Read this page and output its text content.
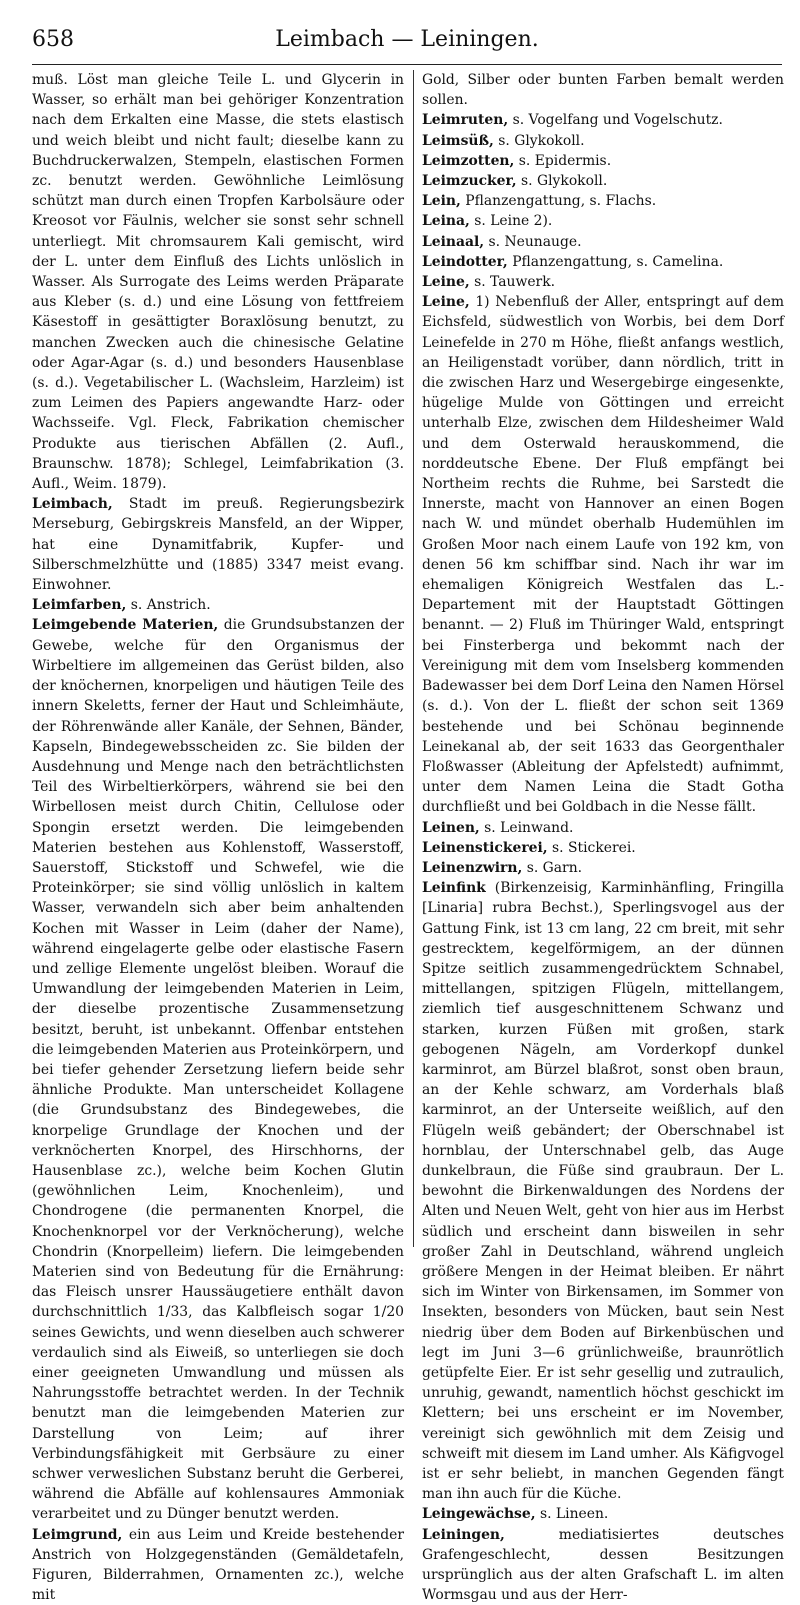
658	Leimbach — Leiningen.

muß. Löst man gleiche Teile L. und Glycerin in Wasser, so erhält man bei gehöriger Konzentration nach dem Erkalten eine Masse, die stets elastisch und weich bleibt und nicht fault; dieselbe kann zu Buchdruckerwalzen, Stempeln, elastischen Formen zc. benutzt werden. Gewöhnliche Leimlösung schützt man durch einen Tropfen Karbolsäure oder Kreosot vor Fäulnis, welcher sie sonst sehr schnell unterliegt. Mit chromsaurem Kali gemischt, wird der L. unter dem Einfluß des Lichts unlöslich in Wasser. Als Surrogate des Leims werden Präparate aus Kleber (s. d.) und eine Lösung von fettfreiem Käsestoff in gesättigter Boraxlösung benutzt, zu manchen Zwecken auch die chinesische Gelatine oder Agar-Agar (s. d.) und besonders Hausenblase (s. d.). Vegetabilischer L. (Wachsleim, Harzleim) ist zum Leimen des Papiers angewandte Harz- oder Wachsseife. Vgl. Fleck, Fabrikation chemischer Produkte aus tierischen Abfällen (2. Aufl., Braunschw. 1878); Schlegel, Leimfabrikation (3. Aufl., Weim. 1879).

Leimbach, Stadt im preuß. Regierungsbezirk Merseburg, Gebirgskreis Mansfeld, an der Wipper, hat eine Dynamitfabrik, Kupfer- und Silberschmelzhütte und (1885) 3347 meist evang. Einwohner.

Leimfarben, s. Anstrich.

Leimgebende Materien, die Grundsubstanzen der Gewebe, welche für den Organismus der Wirbeltiere im allgemeinen das Gerüst bilden, also der knöchernen, knorpeligen und häutigen Teile des innern Skeletts, ferner der Haut und Schleimhäute, der Röhrenwände aller Kanäle, der Sehnen, Bänder, Kapseln, Bindegewebsscheiden zc. Sie bilden der Ausdehnung und Menge nach den beträchtlichsten Teil des Wirbeltierkörpers, während sie bei den Wirbellosen meist durch Chitin, Cellulose oder Spongin ersetzt werden. Die leimgebenden Materien bestehen aus Kohlenstoff, Wasserstoff, Sauerstoff, Stickstoff und Schwefel, wie die Proteinkörper; sie sind völlig unlöslich in kaltem Wasser, verwandeln sich aber beim anhaltenden Kochen mit Wasser in Leim (daher der Name), während eingelagerte gelbe oder elastische Fasern und zellige Elemente ungelöst bleiben. Worauf die Umwandlung der leimgebenden Materien in Leim, der dieselbe prozentische Zusammensetzung besitzt, beruht, ist unbekannt. Offenbar entstehen die leimgebenden Materien aus Proteinkörpern, und bei tiefer gehender Zersetzung liefern beide sehr ähnliche Produkte. Man unterscheidet Kollagene (die Grundsubstanz des Bindegewebes, die knorpelige Grundlage der Knochen und der verknöcherten Knorpel, des Hirschhorns, der Hausenblase zc.), welche beim Kochen Glutin (gewöhnlichen Leim, Knochenleim), und Chondrogene (die permanenten Knorpel, die Knochenknorpel vor der Verknöcherung), welche Chondrin (Knorpelleim) liefern. Die leimgebenden Materien sind von Bedeutung für die Ernährung: das Fleisch unsrer Haussäugetiere enthält davon durchschnittlich 1/33, das Kalbfleisch sogar 1/20 seines Gewichts, und wenn dieselben auch schwerer verdaulich sind als Eiweiß, so unterliegen sie doch einer geeigneten Umwandlung und müssen als Nahrungsstoffe betrachtet werden. In der Technik benutzt man die leimgebenden Materien zur Darstellung von Leim; auf ihrer Verbindungsfähigkeit mit Gerbsäure zu einer schwer verweslichen Substanz beruht die Gerberei, während die Abfälle auf kohlensaures Ammoniak verarbeitet und zu Dünger benutzt werden.

Leimgrund, ein aus Leim und Kreide bestehender Anstrich von Holzgegenständen (Gemäldetafeln, Figuren, Bilderrahmen, Ornamenten zc.), welche mit

Gold, Silber oder bunten Farben bemalt werden sollen.

Leimruten, s. Vogelfang und Vogelschutz.

Leimsüß, s. Glykokoll.

Leimzotten, s. Epidermis.

Leimzucker, s. Glykokoll.

Lein, Pflanzengattung, s. Flachs.

Leina, s. Leine 2).

Leinaal, s. Neunauge.

Leindotter, Pflanzengattung, s. Camelina.

Leine, s. Tauwerk.

Leine, 1) Nebenfluß der Aller, entspringt auf dem Eichsfeld, südwestlich von Worbis, bei dem Dorf Leinefelde in 270 m Höhe, fließt anfangs westlich, an Heiligenstadt vorüber, dann nördlich, tritt in die zwischen Harz und Wesergebirge eingesenkte, hügelige Mulde von Göttingen und erreicht unterhalb Elze, zwischen dem Hildesheimer Wald und dem Osterwald herauskommend, die norddeutsche Ebene. Der Fluß empfängt bei Northeim rechts die Ruhme, bei Sarstedt die Innerste, macht von Hannover an einen Bogen nach W. und mündet oberhalb Hudemühlen im Großen Moor nach einem Laufe von 192 km, von denen 56 km schiffbar sind. Nach ihr war im ehemaligen Königreich Westfalen das L.-Departement mit der Hauptstadt Göttingen benannt. — 2) Fluß im Thüringer Wald, entspringt bei Finsterberga und bekommt nach der Vereinigung mit dem vom Inselsberg kommenden Badewasser bei dem Dorf Leina den Namen Hörsel (s. d.). Von der L. fließt der schon seit 1369 bestehende und bei Schönau beginnende Leinekanal ab, der seit 1633 das Georgenthaler Floßwasser (Ableitung der Apfelstedt) aufnimmt, unter dem Namen Leina die Stadt Gotha durchfließt und bei Goldbach in die Nesse fällt.

Leinen, s. Leinwand.

Leinenstickerei, s. Stickerei.

Leinenzwirn, s. Garn.

Leinfink (Birkenzeisig, Karminhänfling, Fringilla [Linaria] rubra Bechst.), Sperlingsvogel aus der Gattung Fink, ist 13 cm lang, 22 cm breit, mit sehr gestrecktem, kegelförmigem, an der dünnen Spitze seitlich zusammengedrücktem Schnabel, mittellangen, spitzigen Flügeln, mittellangem, ziemlich tief ausgeschnittenem Schwanz und starken, kurzen Füßen mit großen, stark gebogenen Nägeln, am Vorderkopf dunkel karminrot, am Bürzel blaßrot, sonst oben braun, an der Kehle schwarz, am Vorderhals blaß karminrot, an der Unterseite weißlich, auf den Flügeln weiß gebändert; der Oberschnabel ist hornblau, der Unterschnabel gelb, das Auge dunkelbraun, die Füße sind graubraun. Der L. bewohnt die Birkenwaldungen des Nordens der Alten und Neuen Welt, geht von hier aus im Herbst südlich und erscheint dann bisweilen in sehr großer Zahl in Deutschland, während ungleich größere Mengen in der Heimat bleiben. Er nährt sich im Winter von Birkensamen, im Sommer von Insekten, besonders von Mücken, baut sein Nest niedrig über dem Boden auf Birkenbüschen und legt im Juni 3—6 grünlichweiße, braunrötlich getüpfelte Eier. Er ist sehr gesellig und zutraulich, unruhig, gewandt, namentlich höchst geschickt im Klettern; bei uns erscheint er im November, vereinigt sich gewöhnlich mit dem Zeisig und schweift mit diesem im Land umher. Als Käfigvogel ist er sehr beliebt, in manchen Gegenden fängt man ihn auch für die Küche.

Leingewächse, s. Lineen.

Leiningen, mediatisiertes deutsches Grafengeschlecht, dessen Besitzungen ursprünglich aus der alten Grafschaft L. im alten Wormsgau und aus der Herr-
